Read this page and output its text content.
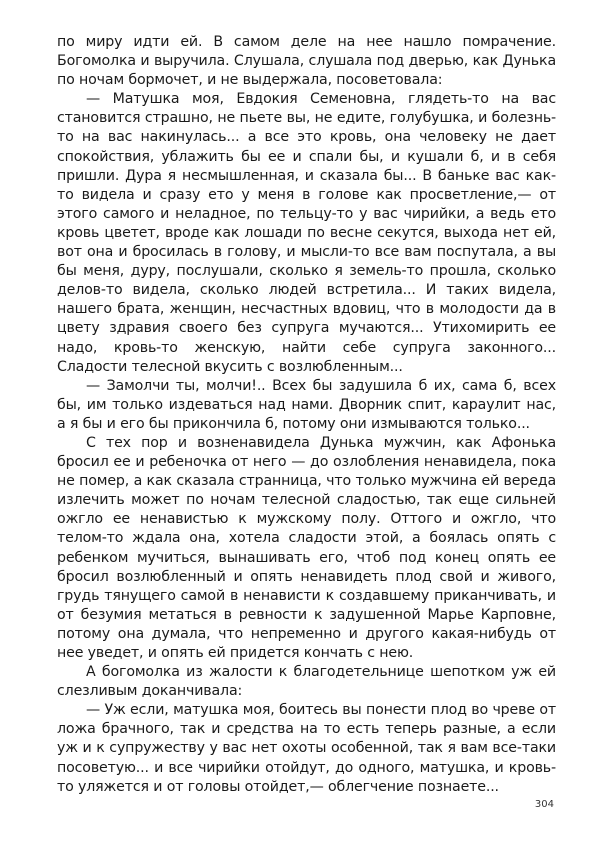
по миру идти ей. В самом деле на нее нашло помрачение. Богомолка и выручила. Слушала, слушала под дверью, как Дунька по ночам бормочет, и не выдержала, посоветовала:

— Матушка моя, Евдокия Семеновна, глядеть-то на вас становится страшно, не пьете вы, не едите, голубушка, и болезнь-то на вас накинулась... а все это кровь, она человеку не дает спокойствия, ублажить бы ее и спали бы, и кушали б, и в себя пришли. Дура я несмышленная, и сказала бы... В баньке вас как-то видела и сразу ето у меня в голове как просветление,— от этого самого и неладное, по тельцу-то у вас чирийки, а ведь ето кровь цветет, вроде как лошади по весне секутся, выхода нет ей, вот она и бросилась в голову, и мысли-то все вам поспутала, а вы бы меня, дуру, послушали, сколько я земель-то прошла, сколько делов-то видела, сколько людей встретила... И таких видела, нашего брата, женщин, несчастных вдовиц, что в молодости да в цвету здравия своего без супруга мучаются... Утихомирить ее надо, кровь-то женскую, найти себе супруга законного... Сладости телесной вкусить с возлюбленным...

— Замолчи ты, молчи!.. Всех бы задушила б их, сама б, всех бы, им только издеваться над нами. Дворник спит, караулит нас, а я бы и его бы прикончила б, потому они измываются только...

С тех пор и возненавидела Дунька мужчин, как Афонька бросил ее и ребеночка от него — до озлобления ненавидела, пока не помер, а как сказала странница, что только мужчина ей вереда излечить может по ночам телесной сладостью, так еще сильней ожгло ее ненавистью к мужскому полу. Оттого и ожгло, что телом-то ждала она, хотела сладости этой, а боялась опять с ребенком мучиться, вынашивать его, чтоб под конец опять ее бросил возлюбленный и опять ненавидеть плод свой и живого, грудь тянущего самой в ненависти к создавшему приканчивать, и от безумия метаться в ревности к задушенной Марье Карповне, потому она думала, что непременно и другого какая-нибудь от нее уведет, и опять ей придется кончать с нею.

А богомолка из жалости к благодетельнице шепотком уж ей слезливым доканчивала:

— Уж если, матушка моя, боитесь вы понести плод во чреве от ложа брачного, так и средства на то есть теперь разные, а если уж и к супружеству у вас нет охоты особенной, так я вам все-таки посоветую... и все чирийки отойдут, до одного, матушка, и кровь-то уляжется и от головы отойдет,— облегчение познаете...

304
